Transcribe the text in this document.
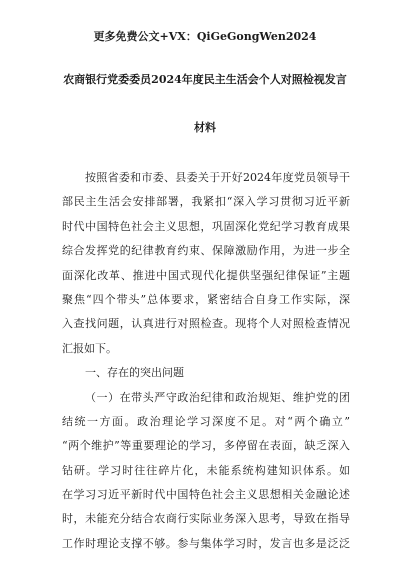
更多免费公文+VX：QiGeGongWen2024
农商银行党委委员2024年度民主生活会个人对照检视发言
材料
按照省委和市委、县委关于开好2024年度党员领导干
部民主生活会安排部署，我紧扣“深入学习贯彻习近平新
时代中国特色社会主义思想，巩固深化党纪学习教育成果
综合发挥党的纪律教育约束、保障激励作用，为进一步全
面深化改革、推进中国式现代化提供坚强纪律保证”主题
聚焦“四个带头”总体要求，紧密结合自身工作实际，深
入查找问题，认真进行对照检查。现将个人对照检查情况
汇报如下。
一、存在的突出问题
（一）在带头严守政治纪律和政治规矩、维护党的团
结统一方面。政治理论学习深度不足。对“两个确立”
“两个维护”等重要理论的学习，多停留在表面，缺乏深入
钻研。学习时往往碎片化，未能系统构建知识体系。如
在学习习近平新时代中国特色社会主义思想相关金融论述
时，未能充分结合农商行实际业务深入思考，导致在指导
工作时理论支撑不够。参与集体学习时，发言也多是泛泛
